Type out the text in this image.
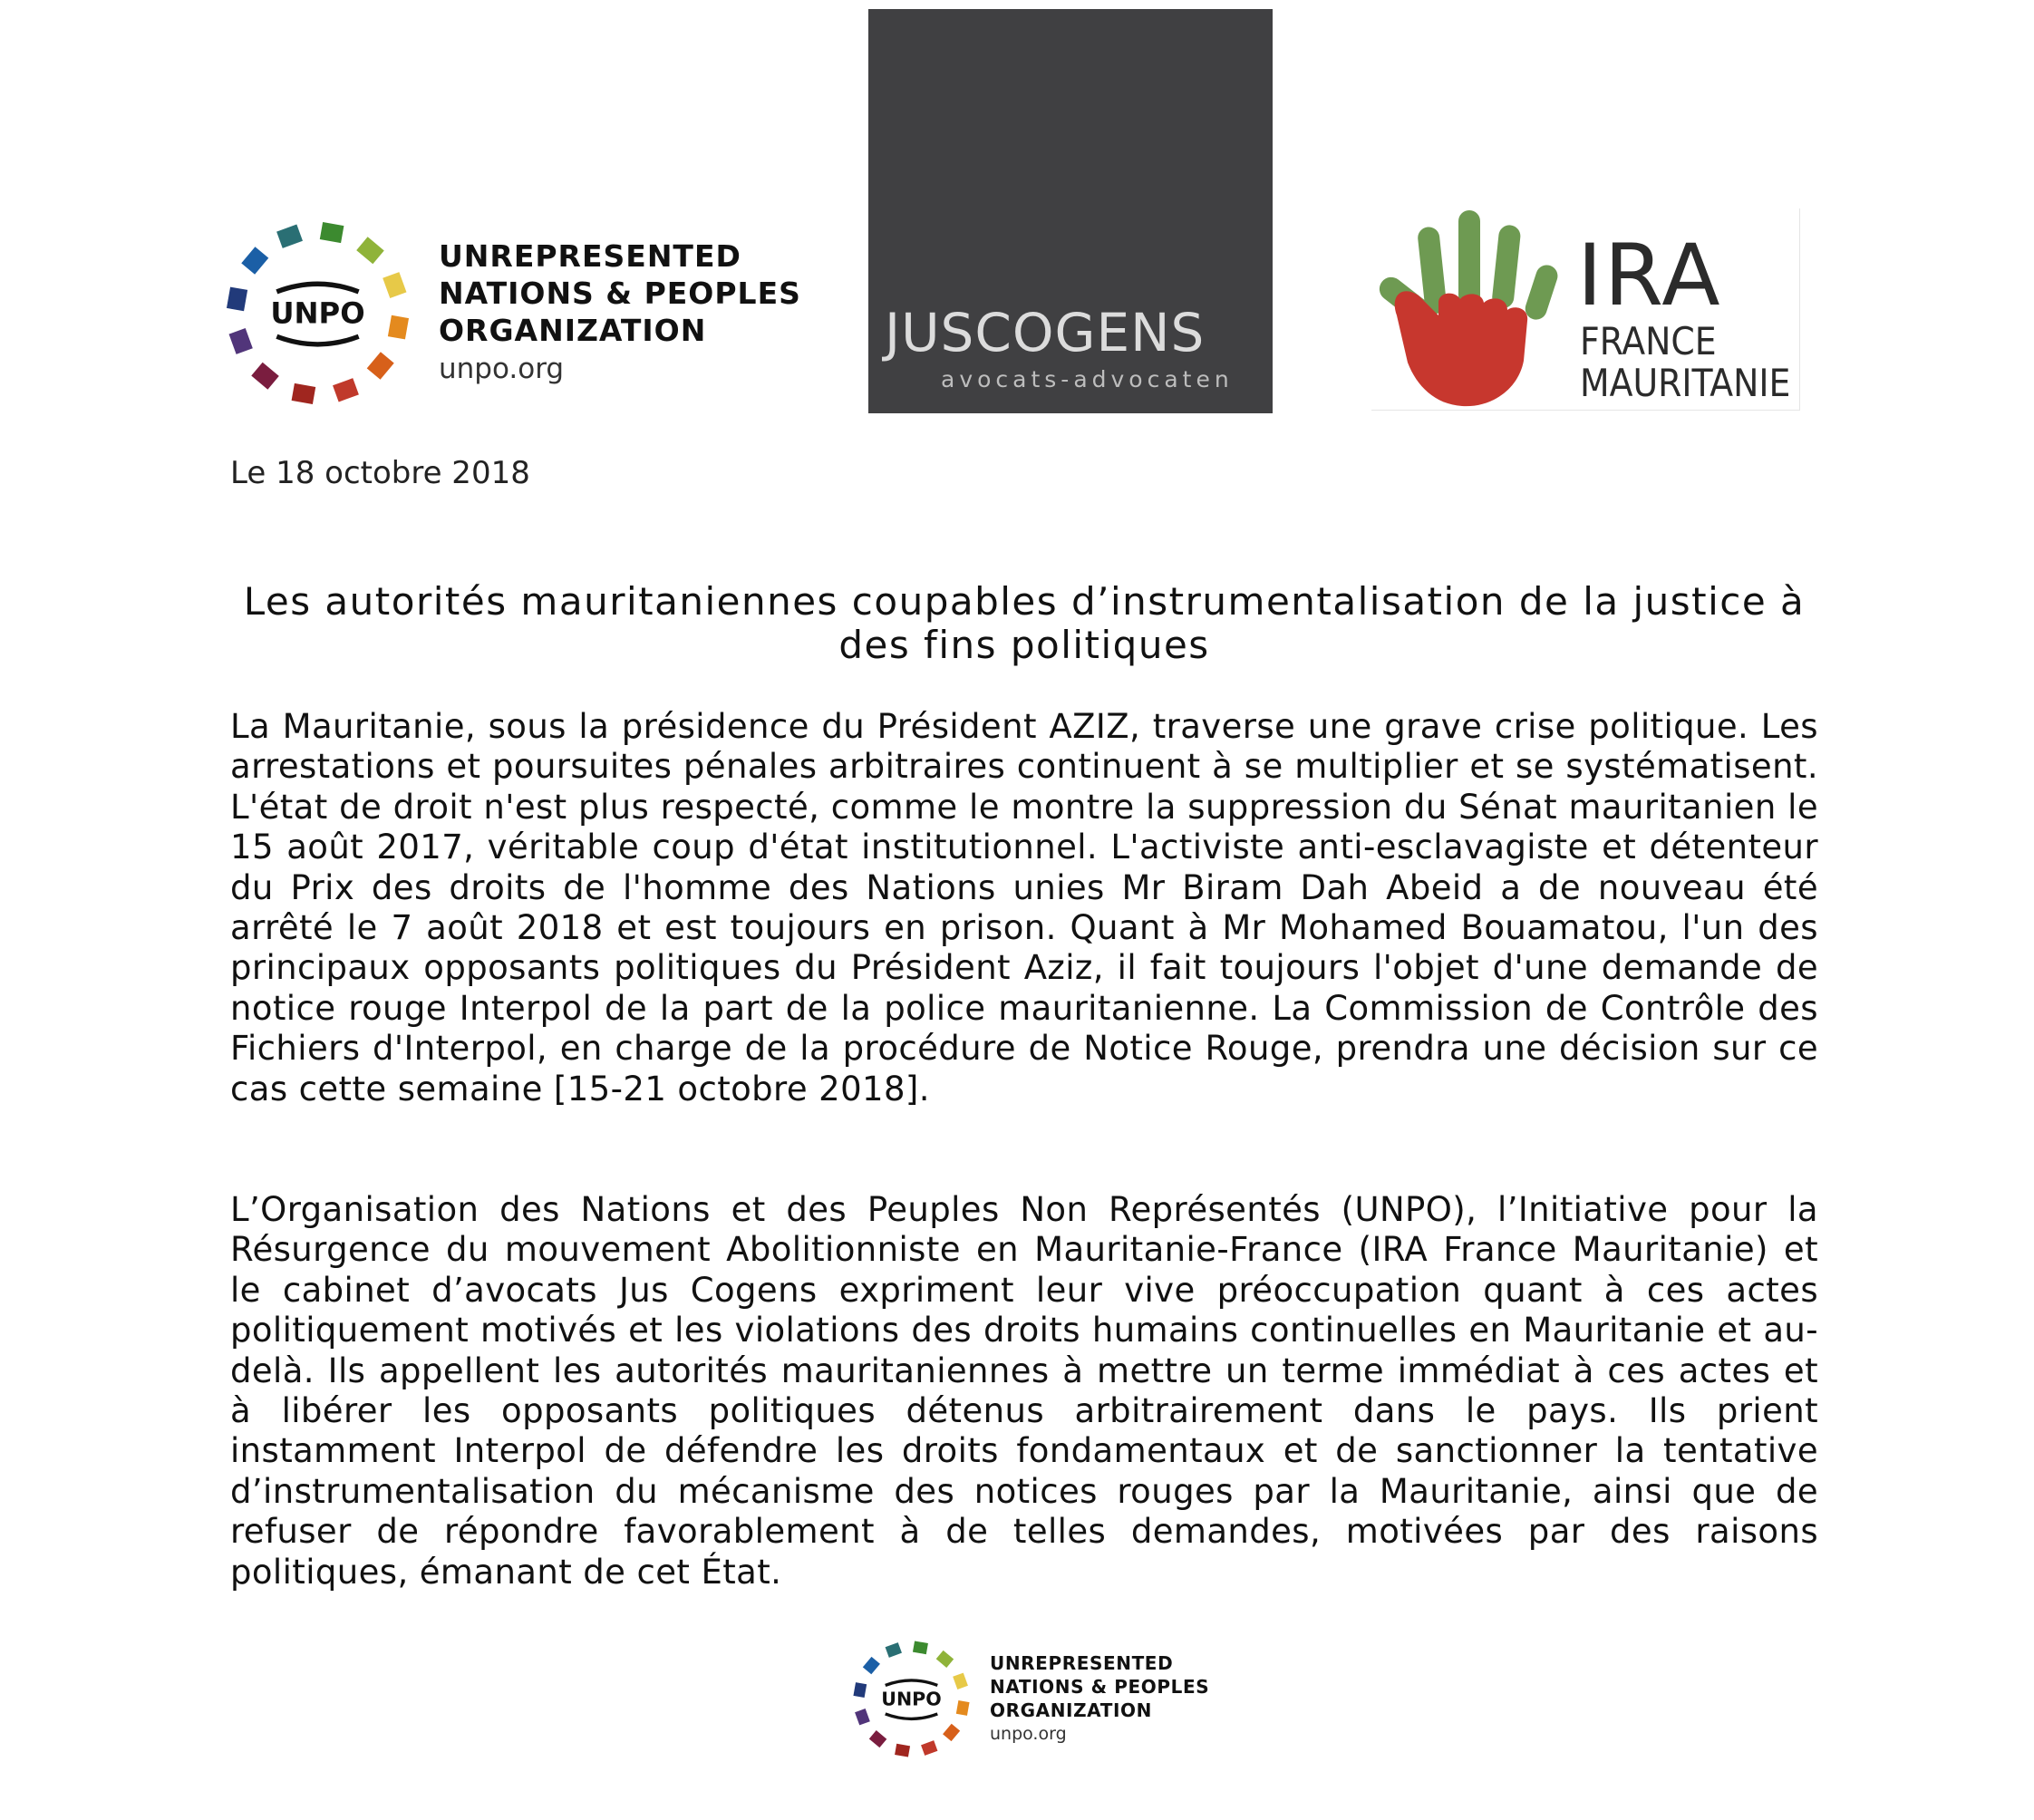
UNPO
UNREPRESENTED
NATIONS & PEOPLES
ORGANIZATION
unpo.org
JUSCOGENS
avocats-advocaten
IRA
FRANCE
MAURITANIE
Le 18 octobre 2018
Les autorités mauritaniennes coupables d’instrumentalisation de la justice à des fins politiques

La Mauritanie, sous la présidence du Président AZIZ, traverse une grave crise politique. Les arrestations et poursuites pénales arbitraires continuent à se multiplier et se systématisent. L'état de droit n'est plus respecté, comme le montre la suppression du Sénat mauritanien le 15 août 2017, véritable coup d'état institutionnel. L'activiste anti-esclavagiste et détenteur du Prix des droits de l'homme des Nations unies Mr Biram Dah Abeid a de nouveau été arrêté le 7 août 2018 et est toujours en prison. Quant à Mr Mohamed Bouamatou, l'un des principaux opposants politiques du Président Aziz, il fait toujours l'objet d'une demande de notice rouge Interpol de la part de la police mauritanienne. La Commission de Contrôle des Fichiers d'Interpol, en charge de la procédure de Notice Rouge, prendra une décision sur ce cas cette semaine [15-21 octobre 2018].

L’Organisation des Nations et des Peuples Non Représentés (UNPO), l’Initiative pour la Résurgence du mouvement Abolitionniste en Mauritanie-France (IRA France Mauritanie) et le cabinet d’avocats Jus Cogens expriment leur vive préoccupation quant à ces actes politiquement motivés et les violations des droits humains continuelles en Mauritanie et au-delà. Ils appellent les autorités mauritaniennes à mettre un terme immédiat à ces actes et à libérer les opposants politiques détenus arbitrairement dans le pays. Ils prient instamment Interpol de défendre les droits fondamentaux et de sanctionner la tentative d’instrumentalisation du mécanisme des notices rouges par la Mauritanie, ainsi que de refuser de répondre favorablement à de telles demandes, motivées par des raisons politiques, émanant de cet État.

UNPO
UNREPRESENTED
NATIONS & PEOPLES
ORGANIZATION
unpo.org
